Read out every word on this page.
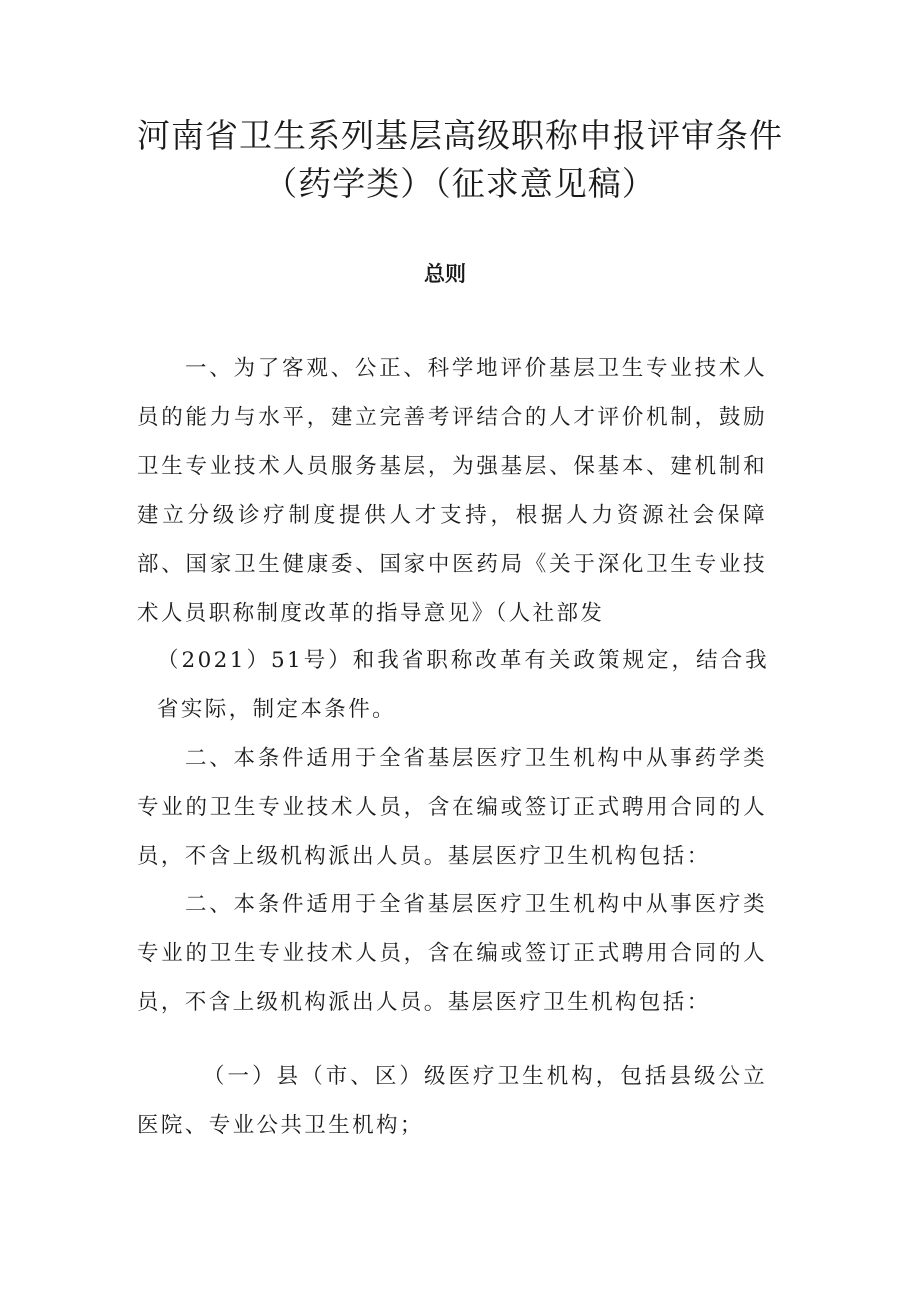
河南省卫生系列基层高级职称申报评审条件
（药学类）（征求意见稿）
总则

一、为了客观、公正、科学地评价基层卫生专业技术人员的能力与水平，建立完善考评结合的人才评价机制，鼓励卫生专业技术人员服务基层，为强基层、保基本、建机制和建立分级诊疗制度提供人才支持，根据人力资源社会保障部、国家卫生健康委、国家中医药局《关于深化卫生专业技术人员职称制度改革的指导意见》（人社部发

（2021）51号）和我省职称改革有关政策规定，结合我省实际，制定本条件。

二、本条件适用于全省基层医疗卫生机构中从事药学类专业的卫生专业技术人员，含在编或签订正式聘用合同的人员，不含上级机构派出人员。基层医疗卫生机构包括：

二、本条件适用于全省基层医疗卫生机构中从事医疗类专业的卫生专业技术人员，含在编或签订正式聘用合同的人员，不含上级机构派出人员。基层医疗卫生机构包括：

（一）县（市、区）级医疗卫生机构，包括县级公立医院、专业公共卫生机构；
